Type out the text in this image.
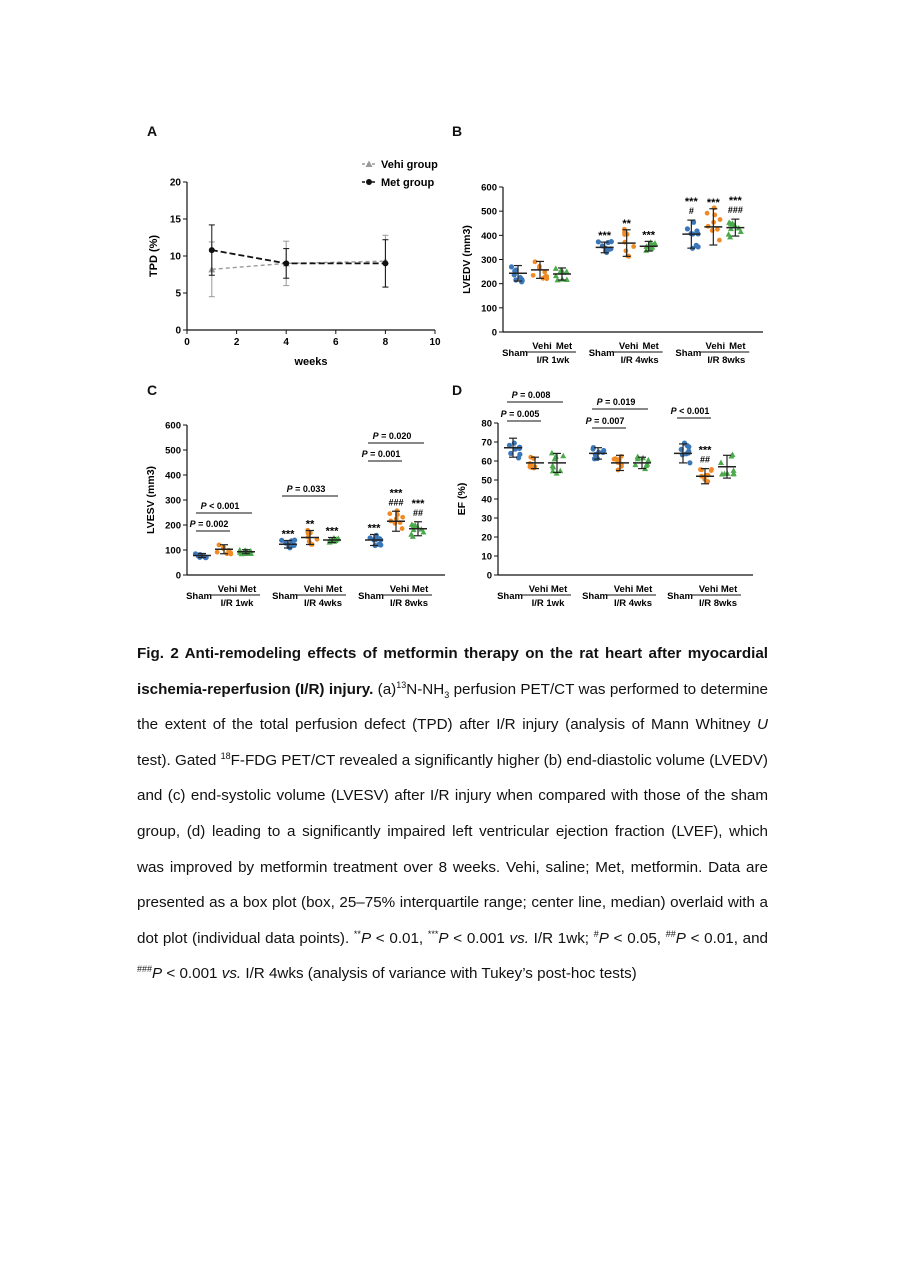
A	B
C	D
0
5
10
15
20
0	2	4	6	8	10
weeks
TPD (%)
Vehi group
Met group
0
100
200
300
400
500
600
LVEDV (mm3)	***
**
***
#
*** ***
###
***
Sham
Vehi Met
I/R 1wk
Sham
Vehi Met
I/R 4wks
Sham
Vehi Met
I/R 8wks
0
100
200
300
400
500
600
LVESV (mm3)
***
**
***	***
###
***
##
***
Sham
Vehi Met
I/R 1wk
Sham
Vehi Met
I/R 4wks
Sham
Vehi Met
I/R 8wks
P = 0.002
P < 0.001
P = 0.033
P = 0.001
P = 0.020
0
10
20
30
40
50
60
70
80
EF (%)
##
***
Sham
Vehi Met
I/R 1wk
Sham
Vehi Met
I/R 4wks
Sham
Vehi Met
I/R 8wks
P = 0.005
P = 0.008
P = 0.007
P = 0.019
P < 0.001

Fig. 2 Anti-remodeling effects of metformin therapy on the rat heart after myocardial ischemia-reperfusion (I/R) injury. $(a)^{13}N-NH_3$ perfusion PET/CT was performed to determine the extent of the total perfusion defect (TPD) after I/R injury (analysis of Mann Whitney U test). Gated $^{18}$F-FDG PET/CT revealed a significantly higher (b) end-diastolic volume (LVEDV) and (c) end-systolic volume (LVESV) after I/R injury when compared with those of the sham group, (d) leading to a significantly impaired left ventricular ejection fraction (LVEF), which was improved by metformin treatment over 8 weeks. Vehi, saline; Met, metformin. Data are presented as a box plot (box, 25–75% interquartile range; center line, median) overlaid with a dot plot (individual data points). **P < 0.01, ***P < 0.001 vs. I/R 1wk; #P < 0.05, ##P < 0.01, and ###P < 0.001 vs. I/R 4wks (analysis of variance with Tukey’s post-hoc tests)
